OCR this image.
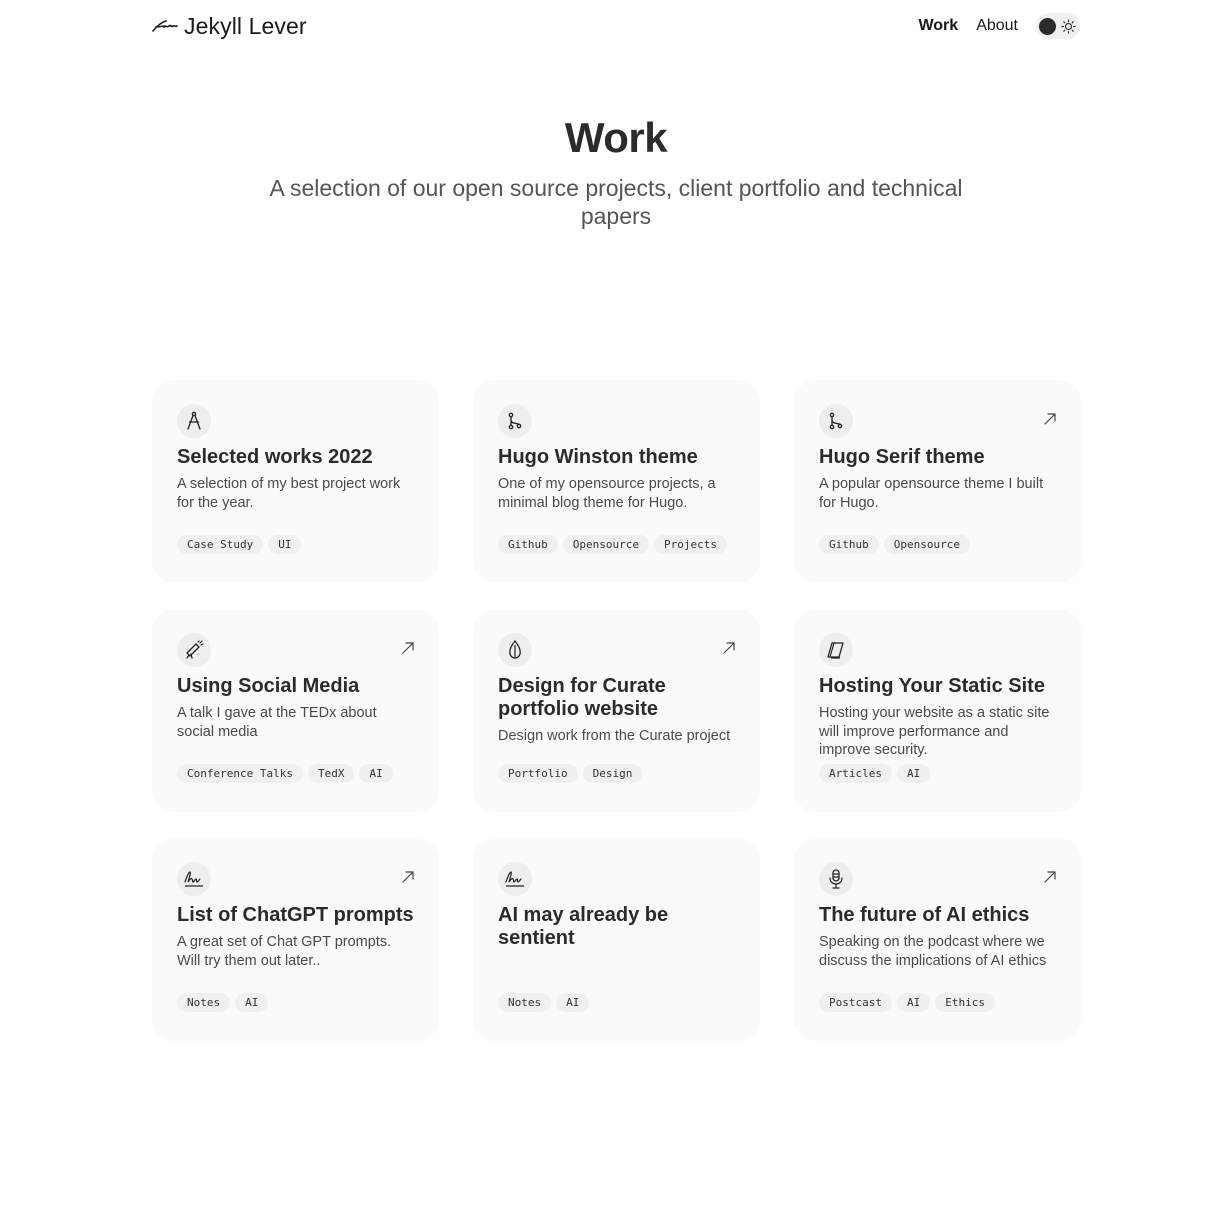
Jekyll Lever	Work About
Work

A selection of our open source projects, client portfolio and technical papers

Selected works 2022

A selection of my best project work for the year.

Case Study	UI
Hugo Winston theme

One of my opensource projects, a minimal blog theme for Hugo.

Github	Opensource	Projects
Hugo Serif theme

A popular opensource theme I built for Hugo.

Github	Opensource
Using Social Media

A talk I gave at the TEDx about social media

Conference Talks	TedX	AI
Design for Curate portfolio website

Design work from the Curate project

Portfolio	Design
Hosting Your Static Site

Hosting your website as a static site will improve performance and improve security.

Articles	AI
List of ChatGPT prompts

A great set of Chat GPT prompts. Will try them out later..

Notes	AI
AI may already be sentient
Notes	AI
The future of AI ethics

Speaking on the podcast where we discuss the implications of AI ethics

Postcast	AI	Ethics
